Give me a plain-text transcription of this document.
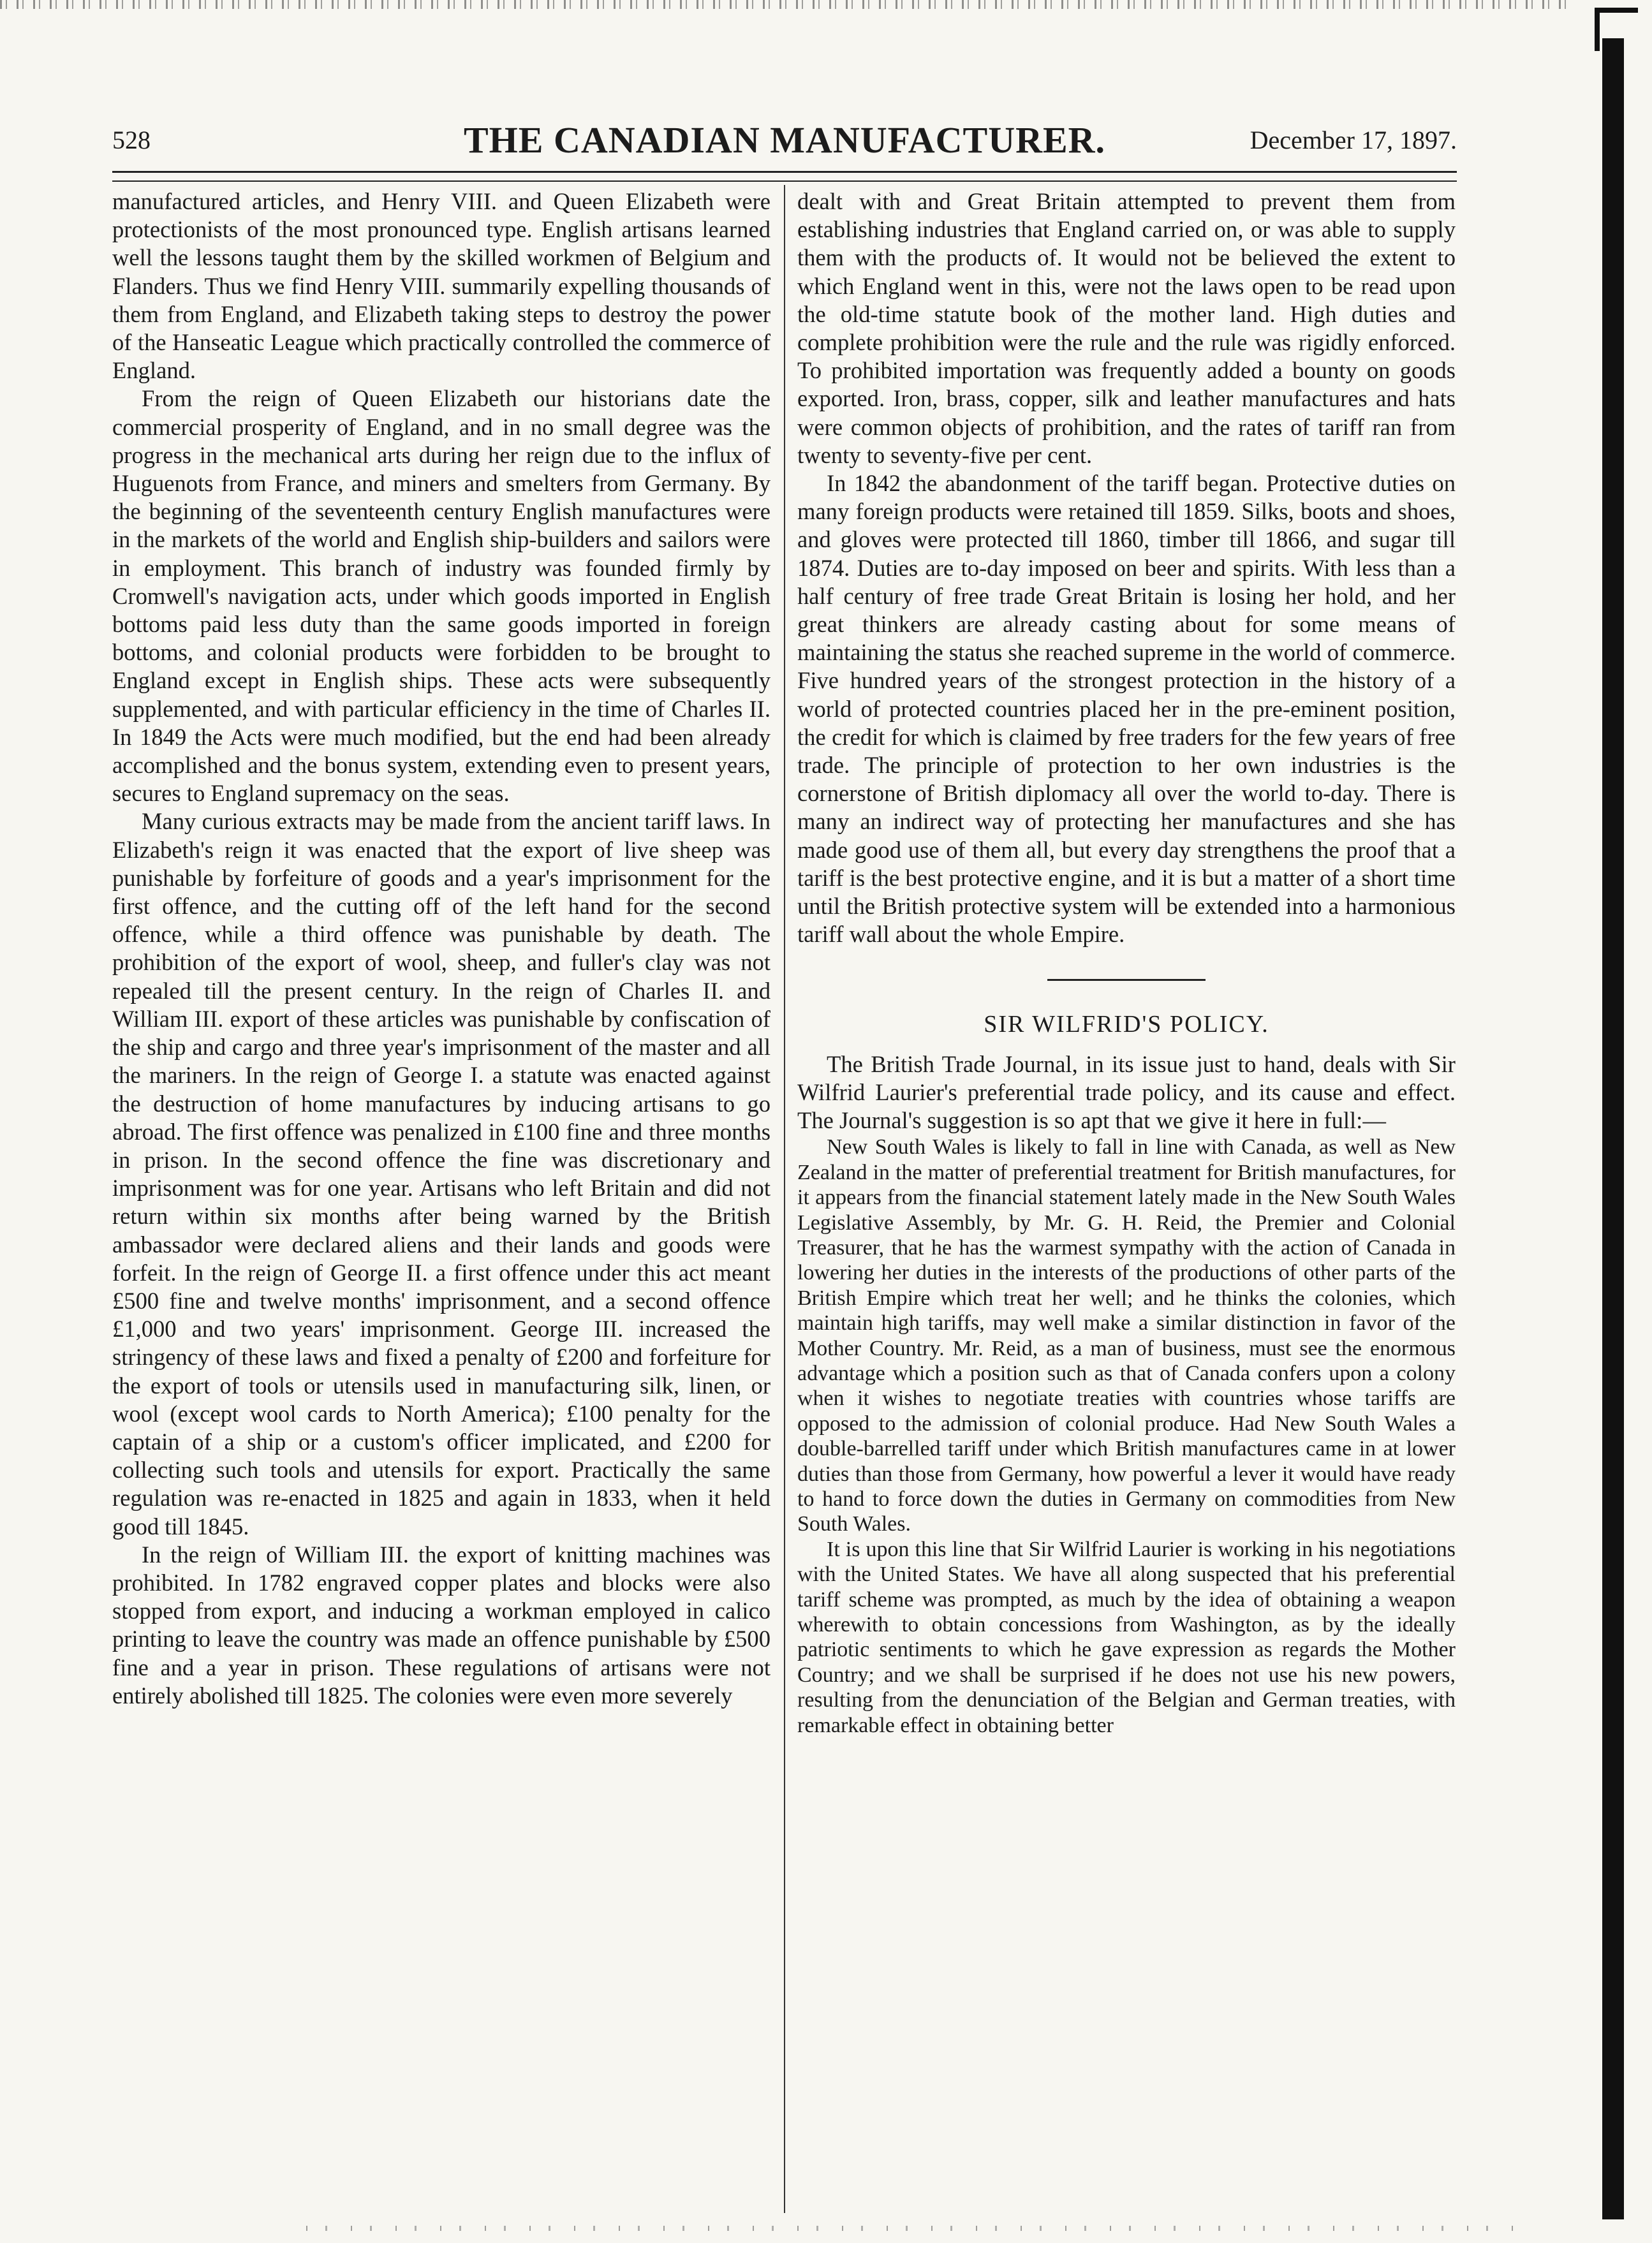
528	THE CANADIAN MANUFACTURER.	December 17, 1897.

manufactured articles, and Henry VIII. and Queen Elizabeth were protectionists of the most pronounced type. English artisans learned well the lessons taught them by the skilled workmen of Belgium and Flanders. Thus we find Henry VIII. summarily expelling thousands of them from England, and Elizabeth taking steps to destroy the power of the Hanseatic League which practically controlled the commerce of England.

From the reign of Queen Elizabeth our historians date the commercial prosperity of England, and in no small degree was the progress in the mechanical arts during her reign due to the influx of Huguenots from France, and miners and smelters from Germany. By the beginning of the seventeenth century English manufactures were in the markets of the world and English ship-builders and sailors were in employment. This branch of industry was founded firmly by Cromwell's navigation acts, under which goods imported in English bottoms paid less duty than the same goods imported in foreign bottoms, and colonial products were forbidden to be brought to England except in English ships. These acts were subsequently supplemented, and with particular efficiency in the time of Charles II. In 1849 the Acts were much modified, but the end had been already accomplished and the bonus system, extending even to present years, secures to England supremacy on the seas.

Many curious extracts may be made from the ancient tariff laws. In Elizabeth's reign it was enacted that the export of live sheep was punishable by forfeiture of goods and a year's imprisonment for the first offence, and the cutting off of the left hand for the second offence, while a third offence was punishable by death. The prohibition of the export of wool, sheep, and fuller's clay was not repealed till the present century. In the reign of Charles II. and William III. export of these articles was punishable by confiscation of the ship and cargo and three year's imprisonment of the master and all the mariners. In the reign of George I. a statute was enacted against the destruction of home manufactures by inducing artisans to go abroad. The first offence was penalized in £100 fine and three months in prison. In the second offence the fine was discretionary and imprisonment was for one year. Artisans who left Britain and did not return within six months after being warned by the British ambassador were declared aliens and their lands and goods were forfeit. In the reign of George II. a first offence under this act meant £500 fine and twelve months' imprisonment, and a second offence £1,000 and two years' imprisonment. George III. increased the stringency of these laws and fixed a penalty of £200 and forfeiture for the export of tools or utensils used in manufacturing silk, linen, or wool (except wool cards to North America); £100 penalty for the captain of a ship or a custom's officer implicated, and £200 for collecting such tools and utensils for export. Practically the same regulation was re-enacted in 1825 and again in 1833, when it held good till 1845.

In the reign of William III. the export of knitting machines was prohibited. In 1782 engraved copper plates and blocks were also stopped from export, and inducing a workman employed in calico printing to leave the country was made an offence punishable by £500 fine and a year in prison. These regulations of artisans were not entirely abolished till 1825. The colonies were even more severely

dealt with and Great Britain attempted to prevent them from establishing industries that England carried on, or was able to supply them with the products of. It would not be believed the extent to which England went in this, were not the laws open to be read upon the old-time statute book of the mother land. High duties and complete prohibition were the rule and the rule was rigidly enforced. To prohibited importation was frequently added a bounty on goods exported. Iron, brass, copper, silk and leather manufactures and hats were common objects of prohibition, and the rates of tariff ran from twenty to seventy-five per cent.

In 1842 the abandonment of the tariff began. Protective duties on many foreign products were retained till 1859. Silks, boots and shoes, and gloves were protected till 1860, timber till 1866, and sugar till 1874. Duties are to-day imposed on beer and spirits. With less than a half century of free trade Great Britain is losing her hold, and her great thinkers are already casting about for some means of maintaining the status she reached supreme in the world of commerce. Five hundred years of the strongest protection in the history of a world of protected countries placed her in the pre-eminent position, the credit for which is claimed by free traders for the few years of free trade. The principle of protection to her own industries is the cornerstone of British diplomacy all over the world to-day. There is many an indirect way of protecting her manufactures and she has made good use of them all, but every day strengthens the proof that a tariff is the best protective engine, and it is but a matter of a short time until the British protective system will be extended into a harmonious tariff wall about the whole Empire.

SIR WILFRID'S POLICY.

The British Trade Journal, in its issue just to hand, deals with Sir Wilfrid Laurier's preferential trade policy, and its cause and effect. The Journal's suggestion is so apt that we give it here in full:—

New South Wales is likely to fall in line with Canada, as well as New Zealand in the matter of preferential treatment for British manufactures, for it appears from the financial statement lately made in the New South Wales Legislative Assembly, by Mr. G. H. Reid, the Premier and Colonial Treasurer, that he has the warmest sympathy with the action of Canada in lowering her duties in the interests of the productions of other parts of the British Empire which treat her well; and he thinks the colonies, which maintain high tariffs, may well make a similar distinction in favor of the Mother Country. Mr. Reid, as a man of business, must see the enormous advantage which a position such as that of Canada confers upon a colony when it wishes to negotiate treaties with countries whose tariffs are opposed to the admission of colonial produce. Had New South Wales a double-barrelled tariff under which British manufactures came in at lower duties than those from Germany, how powerful a lever it would have ready to hand to force down the duties in Germany on commodities from New South Wales.

It is upon this line that Sir Wilfrid Laurier is working in his negotiations with the United States. We have all along suspected that his preferential tariff scheme was prompted, as much by the idea of obtaining a weapon wherewith to obtain concessions from Washington, as by the ideally patriotic sentiments to which he gave expression as regards the Mother Country; and we shall be surprised if he does not use his new powers, resulting from the denunciation of the Belgian and German treaties, with remarkable effect in obtaining better
